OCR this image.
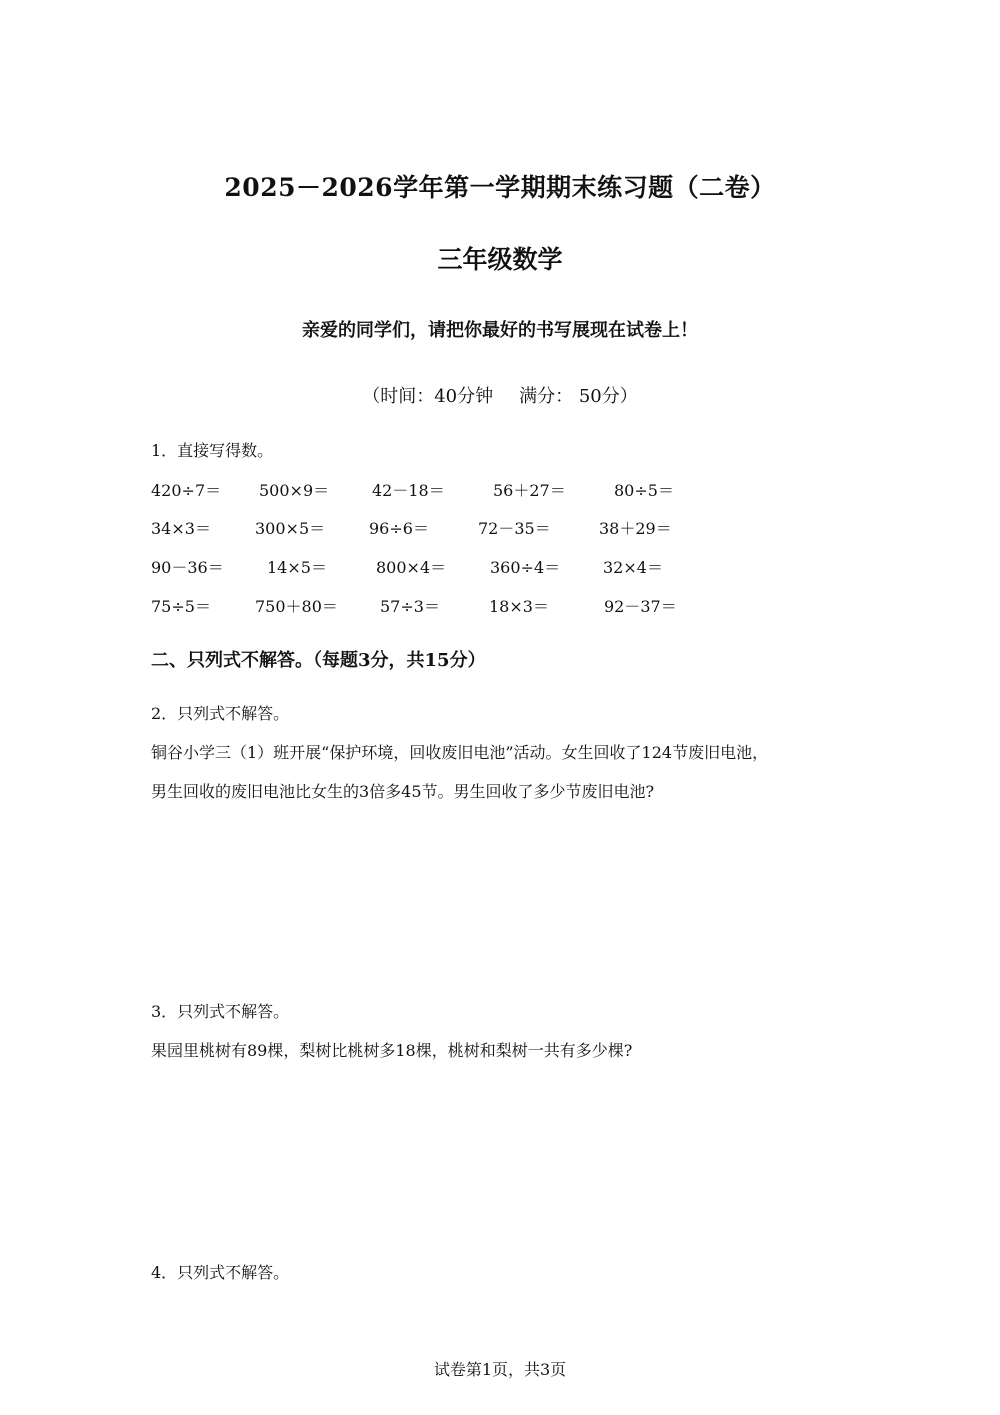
2025－2026学年第一学期期末练习题（二卷）
三年级数学
亲爱的同学们，请把你最好的书写展现在试卷上！
（时间：40分钟 满分： 50分）
1．直接写得数。
420÷7＝ 500×9＝	42－18＝	56＋27＝	80÷5＝
34×3＝	300×5＝	96÷6＝	72－35＝	38＋29＝
90－36＝	14×5＝	800×4＝	360÷4＝	32×4＝
75÷5＝	750＋80＝	57÷3＝	18×3＝	92－37＝
二、只列式不解答。（每题3分，共15分）
2．只列式不解答。
铜谷小学三（1）班开展“保护环境，回收废旧电池”活动。女生回收了124节废旧电池，
男生回收的废旧电池比女生的3倍多45节。男生回收了多少节废旧电池?
3．只列式不解答。
果园里桃树有89棵，梨树比桃树多18棵，桃树和梨树一共有多少棵?
4．只列式不解答。
试卷第1页，共3页
